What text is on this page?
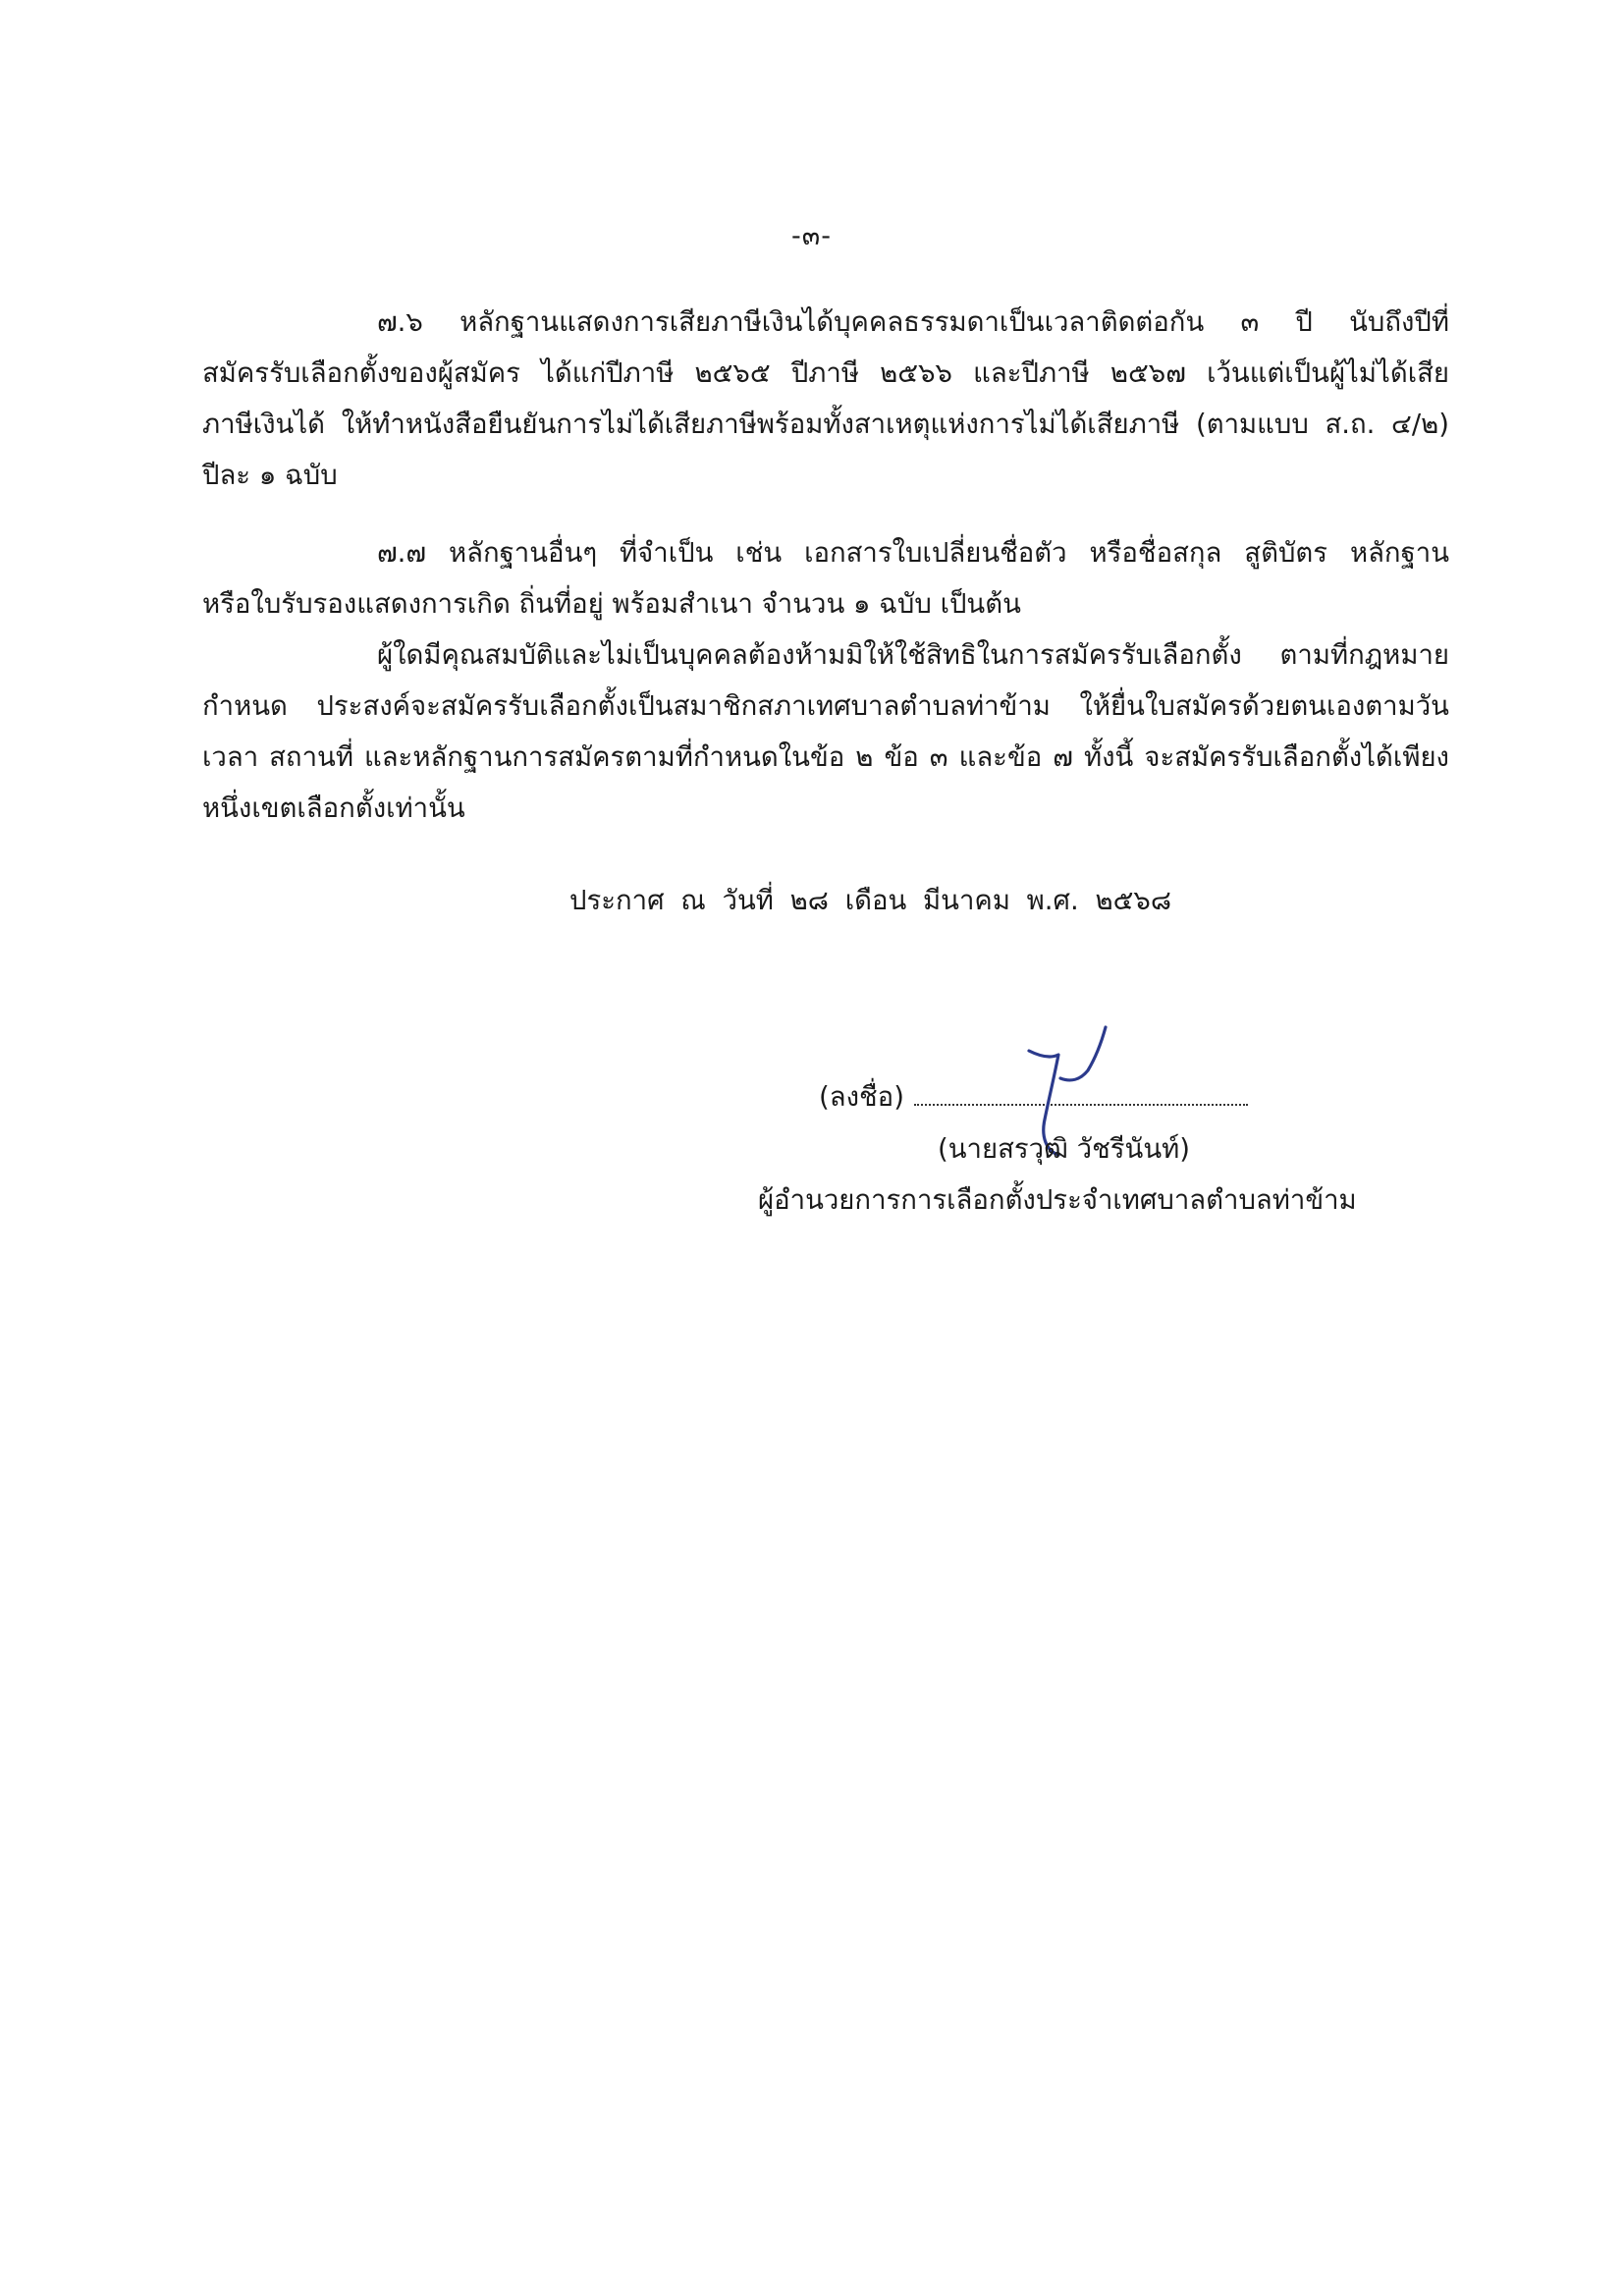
-๓-
๗.๖ หลักฐานแสดงการเสียภาษีเงินได้บุคคลธรรมดาเป็นเวลาติดต่อกัน ๓ ปี นับถึงปีที่
สมัครรับเลือกตั้งของผู้สมัคร ได้แก่ปีภาษี ๒๕๖๕ ปีภาษี ๒๕๖๖ และปีภาษี ๒๕๖๗ เว้นแต่เป็นผู้ไม่ได้เสีย
ภาษีเงินได้ ให้ทำหนังสือยืนยันการไม่ได้เสียภาษีพร้อมทั้งสาเหตุแห่งการไม่ได้เสียภาษี (ตามแบบ ส.ถ. ๔/๒)
ปีละ ๑ ฉบับ
๗.๗ หลักฐานอื่นๆ ที่จำเป็น เช่น เอกสารใบเปลี่ยนชื่อตัว หรือชื่อสกุล สูติบัตร หลักฐาน
หรือใบรับรองแสดงการเกิด ถิ่นที่อยู่ พร้อมสำเนา จำนวน ๑ ฉบับ เป็นต้น
ผู้ใดมีคุณสมบัติและไม่เป็นบุคคลต้องห้ามมิให้ใช้สิทธิในการสมัครรับเลือกตั้ง ตามที่กฎหมาย
กำหนด ประสงค์จะสมัครรับเลือกตั้งเป็นสมาชิกสภาเทศบาลตำบลท่าข้าม ให้ยื่นใบสมัครด้วยตนเองตามวัน
เวลา สถานที่ และหลักฐานการสมัครตามที่กำหนดในข้อ ๒ ข้อ ๓ และข้อ ๗ ทั้งนี้ จะสมัครรับเลือกตั้งได้เพียง
หนึ่งเขตเลือกตั้งเท่านั้น
ประกาศ ณ วันที่ ๒๘ เดือน มีนาคม พ.ศ. ๒๕๖๘
(ลงชื่อ)
(นายสรวุฒิ วัชรีนันท์)
ผู้อำนวยการการเลือกตั้งประจำเทศบาลตำบลท่าข้าม
